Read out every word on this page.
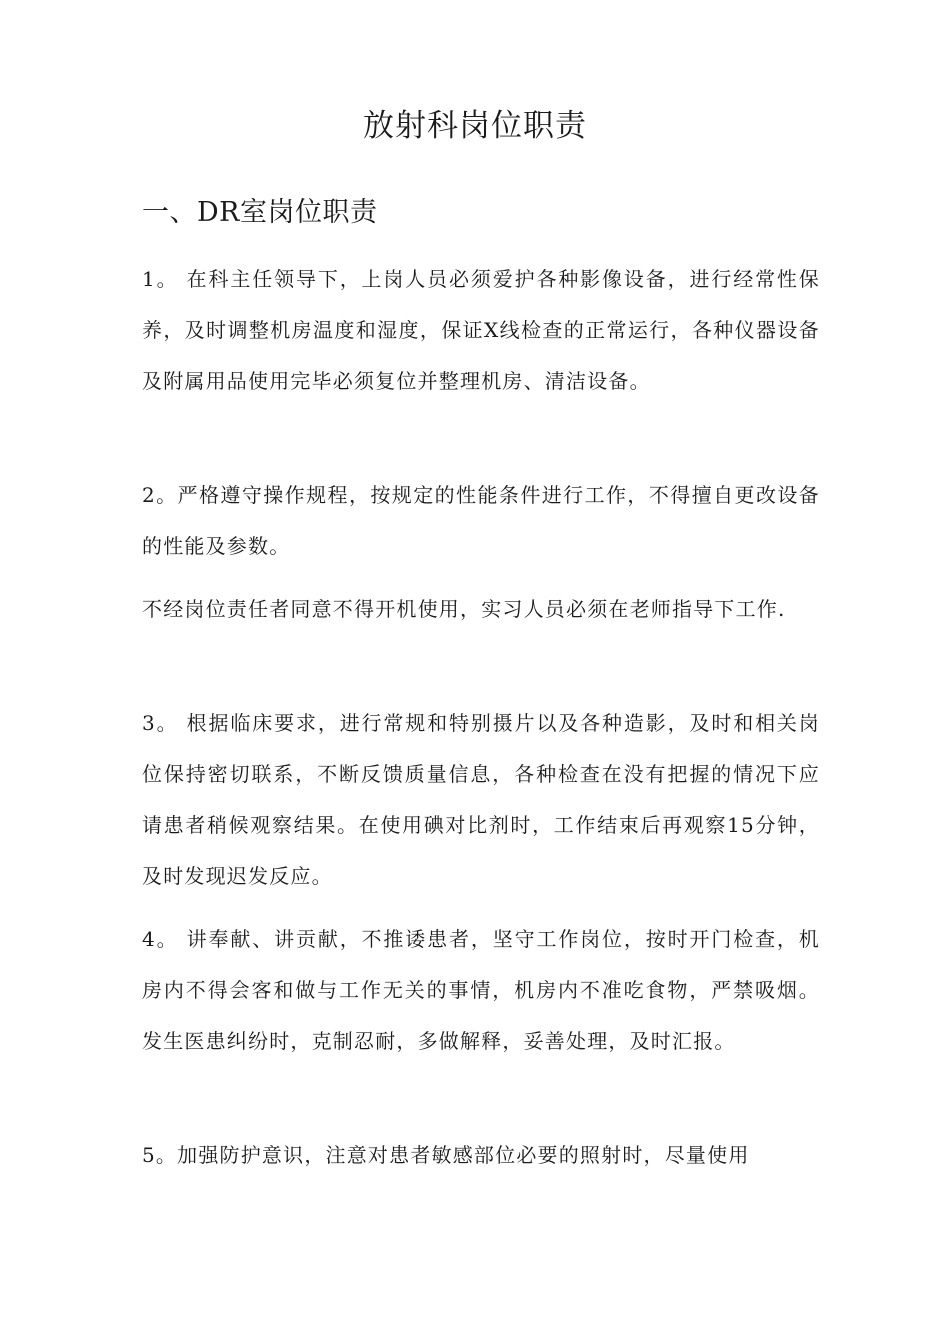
放射科岗位职责
一、DR室岗位职责

1。 在科主任领导下，上岗人员必须爱护各种影像设备，进行经常性保养，及时调整机房温度和湿度，保证X线检查的正常运行，各种仪器设备及附属用品使用完毕必须复位并整理机房、清洁设备。

2。严格遵守操作规程，按规定的性能条件进行工作，不得擅自更改设备的性能及参数。

不经岗位责任者同意不得开机使用，实习人员必须在老师指导下工作.

3。 根据临床要求，进行常规和特别摄片以及各种造影，及时和相关岗位保持密切联系，不断反馈质量信息，各种检查在没有把握的情况下应请患者稍候观察结果。在使用碘对比剂时，工作结束后再观察15分钟，及时发现迟发反应。

4。 讲奉献、讲贡献，不推诿患者，坚守工作岗位，按时开门检查，机房内不得会客和做与工作无关的事情，机房内不准吃食物，严禁吸烟。发生医患纠纷时，克制忍耐，多做解释，妥善处理，及时汇报。

5。加强防护意识，注意对患者敏感部位必要的照射时，尽量使用
